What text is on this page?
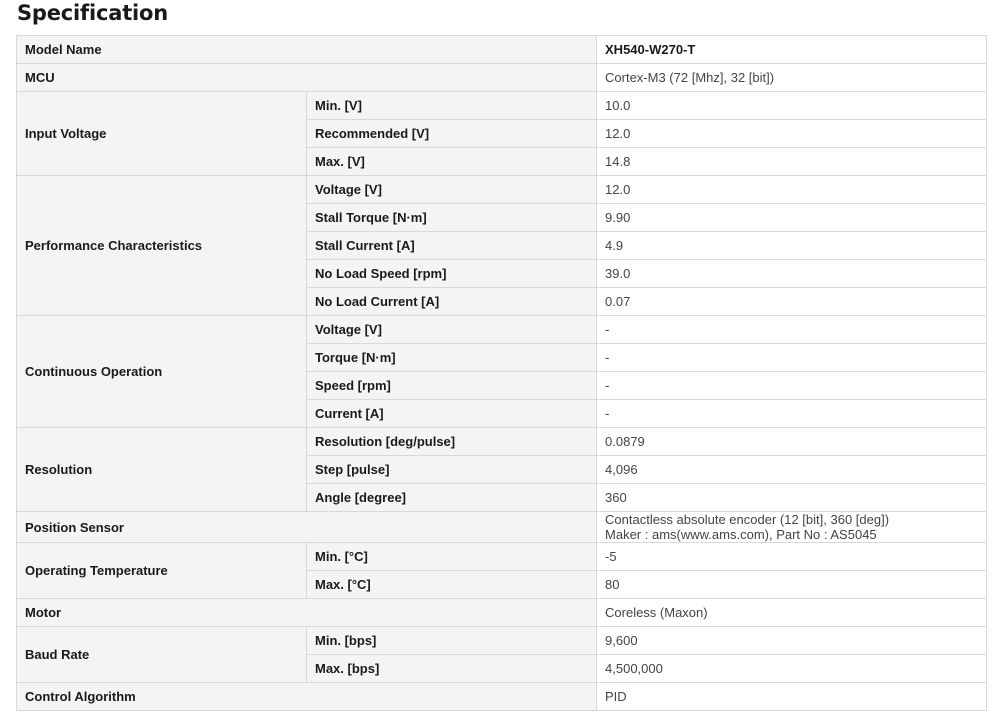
Specification
Model Name		XH540-W270-T
MCU		Cortex-M3 (72 [Mhz], 32 [bit])
Input Voltage	Min. [V]	10.0
	Recommended [V]	12.0
	Max. [V]	14.8
Performance Characteristics	Voltage [V]	12.0
	Stall Torque [N·m]	9.90
	Stall Current [A]	4.9
	No Load Speed [rpm]	39.0
	No Load Current [A]	0.07
Continuous Operation	Voltage [V]	-
	Torque [N·m]	-
	Speed [rpm]	-
	Current [A]	-
Resolution	Resolution [deg/pulse]	0.0879
	Step [pulse]	4,096
	Angle [degree]	360
Position Sensor		Contactless absolute encoder (12 [bit], 360 [deg])
Maker : ams(www.ams.com), Part No : AS5045

Operating Temperature	Min. [°C]	-5
	Max. [°C]	80
Motor		Coreless (Maxon)
Baud Rate	Min. [bps]	9,600
	Max. [bps]	4,500,000
Control Algorithm		PID
